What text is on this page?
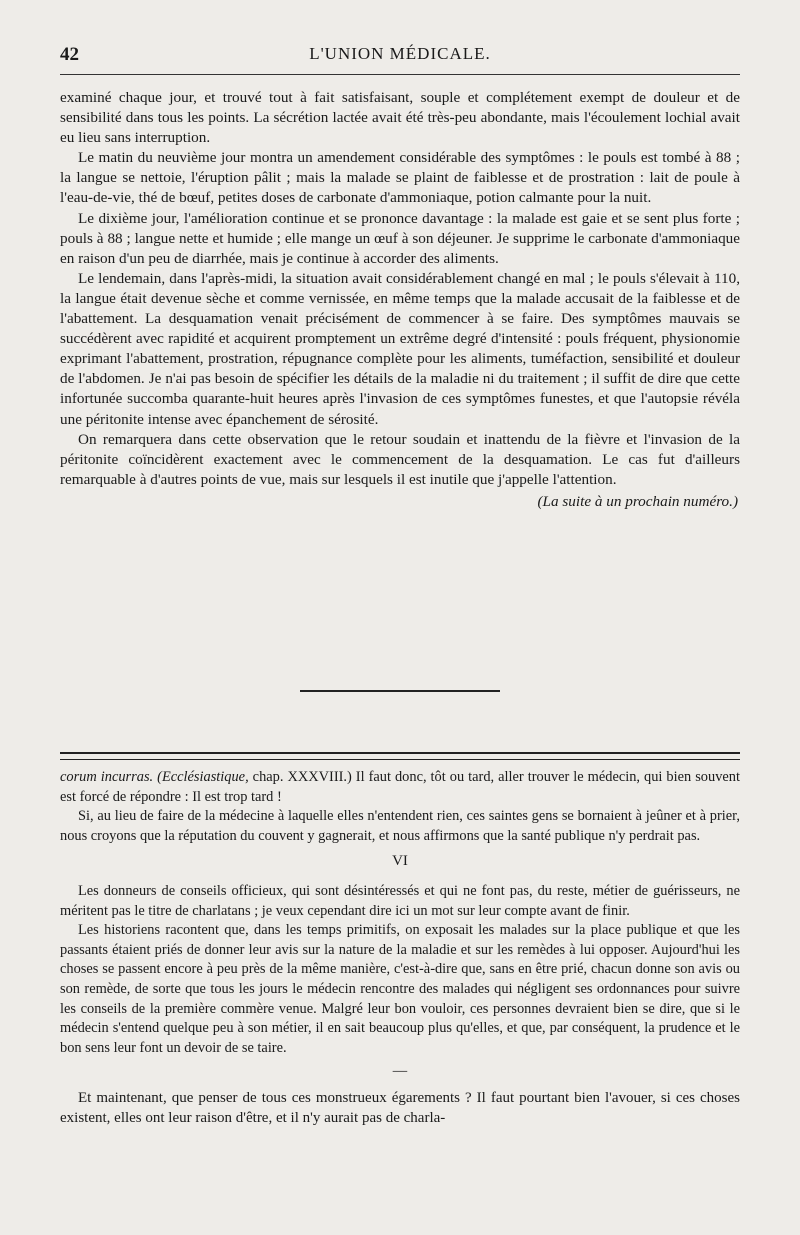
42	L'UNION MÉDICALE.

examiné chaque jour, et trouvé tout à fait satisfaisant, souple et complétement exempt de douleur et de sensibilité dans tous les points. La sécrétion lactée avait été très-peu abondante, mais l'écoulement lochial avait eu lieu sans interruption.

Le matin du neuvième jour montra un amendement considérable des symptômes : le pouls est tombé à 88 ; la langue se nettoie, l'éruption pâlit ; mais la malade se plaint de faiblesse et de prostration : lait de poule à l'eau-de-vie, thé de bœuf, petites doses de carbonate d'ammoniaque, potion calmante pour la nuit.

Le dixième jour, l'amélioration continue et se prononce davantage : la malade est gaie et se sent plus forte ; pouls à 88 ; langue nette et humide ; elle mange un œuf à son déjeuner. Je supprime le carbonate d'ammoniaque en raison d'un peu de diarrhée, mais je continue à accorder des aliments.

Le lendemain, dans l'après-midi, la situation avait considérablement changé en mal ; le pouls s'élevait à 110, la langue était devenue sèche et comme vernissée, en même temps que la malade accusait de la faiblesse et de l'abattement. La desquamation venait précisément de commencer à se faire. Des symptômes mauvais se succédèrent avec rapidité et acquirent promptement un extrême degré d'intensité : pouls fréquent, physionomie exprimant l'abattement, prostration, répugnance complète pour les aliments, tuméfaction, sensibilité et douleur de l'abdomen. Je n'ai pas besoin de spécifier les détails de la maladie ni du traitement ; il suffit de dire que cette infortunée succomba quarante-huit heures après l'invasion de ces symptômes funestes, et que l'autopsie révéla une péritonite intense avec épanchement de sérosité.

On remarquera dans cette observation que le retour soudain et inattendu de la fièvre et l'invasion de la péritonite coïncidèrent exactement avec le commencement de la desquamation. Le cas fut d'ailleurs remarquable à d'autres points de vue, mais sur lesquels il est inutile que j'appelle l'attention.

(La suite à un prochain numéro.)

corum incurras. (Ecclésiastique, chap. XXXVIII.) Il faut donc, tôt ou tard, aller trouver le médecin, qui bien souvent est forcé de répondre : Il est trop tard !

Si, au lieu de faire de la médecine à laquelle elles n'entendent rien, ces saintes gens se bornaient à jeûner et à prier, nous croyons que la réputation du couvent y gagnerait, et nous affirmons que la santé publique n'y perdrait pas.

VI

Les donneurs de conseils officieux, qui sont désintéressés et qui ne font pas, du reste, métier de guérisseurs, ne méritent pas le titre de charlatans ; je veux cependant dire ici un mot sur leur compte avant de finir.

Les historiens racontent que, dans les temps primitifs, on exposait les malades sur la place publique et que les passants étaient priés de donner leur avis sur la nature de la maladie et sur les remèdes à lui opposer. Aujourd'hui les choses se passent encore à peu près de la même manière, c'est-à-dire que, sans en être prié, chacun donne son avis ou son remède, de sorte que tous les jours le médecin rencontre des malades qui négligent ses ordonnances pour suivre les conseils de la première commère venue. Malgré leur bon vouloir, ces personnes devraient bien se dire, que si le médecin s'entend quelque peu à son métier, il en sait beaucoup plus qu'elles, et que, par conséquent, la prudence et le bon sens leur font un devoir de se taire.

—

Et maintenant, que penser de tous ces monstrueux égarements ? Il faut pourtant bien l'avouer, si ces choses existent, elles ont leur raison d'être, et il n'y aurait pas de charla-
